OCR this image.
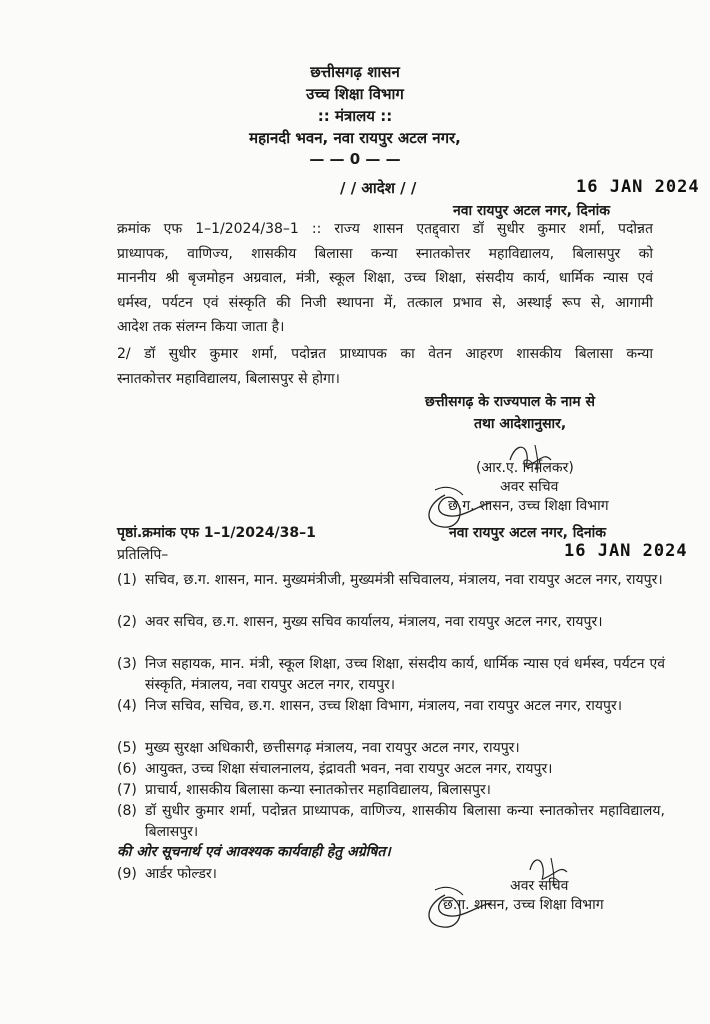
छत्तीसगढ़ शासन
उच्च शिक्षा विभाग
:: मंत्रालय ::
महानदी भवन, नवा रायपुर अटल नगर,
— — 0 — —
/ / आदेश / /	16 JAN 2024
नवा रायपुर अटल नगर, दिनांक
क्रमांक एफ 1–1/2024/38–1 :: राज्य शासन एतद्द्वारा डॉ सुधीर कुमार शर्मा, पदोन्नत
प्राध्यापक, वाणिज्य, शासकीय बिलासा कन्या स्नातकोत्तर महाविद्यालय, बिलासपुर को
माननीय श्री बृजमोहन अग्रवाल, मंत्री, स्कूल शिक्षा, उच्च शिक्षा, संसदीय कार्य, धार्मिक न्यास एवं
धर्मस्व, पर्यटन एवं संस्कृति की निजी स्थापना में, तत्काल प्रभाव से, अस्थाई रूप से, आगामी
आदेश तक संलग्न किया जाता है।
2/ डॉ सुधीर कुमार शर्मा, पदोन्नत प्राध्यापक का वेतन आहरण शासकीय बिलासा कन्या
स्नातकोत्तर महाविद्यालय, बिलासपुर से होगा।
छत्तीसगढ़ के राज्यपाल के नाम से
तथा आदेशानुसार,
(आर.ए. निर्मलकर)
अवर सचिव
छ.ग. शासन, उच्च शिक्षा विभाग
पृष्ठां.क्रमांक एफ 1–1/2024/38–1	नवा रायपुर अटल नगर, दिनांक
प्रतिलिपि–	16 JAN 2024
(1) सचिव, छ.ग. शासन, मान. मुख्यमंत्रीजी, मुख्यमंत्री सचिवालय, मंत्रालय, नवा रायपुर अटल नगर, रायपुर।
(2) अवर सचिव, छ.ग. शासन, मुख्य सचिव कार्यालय, मंत्रालय, नवा रायपुर अटल नगर, रायपुर।
(3) निज सहायक, मान. मंत्री, स्कूल शिक्षा, उच्च शिक्षा, संसदीय कार्य, धार्मिक न्यास एवं धर्मस्व, पर्यटन एवं संस्कृति, मंत्रालय, नवा रायपुर अटल नगर, रायपुर।
(4) निज सचिव, सचिव, छ.ग. शासन, उच्च शिक्षा विभाग, मंत्रालय, नवा रायपुर अटल नगर, रायपुर।
(5) मुख्य सुरक्षा अधिकारी, छत्तीसगढ़ मंत्रालय, नवा रायपुर अटल नगर, रायपुर।
(6) आयुक्त, उच्च शिक्षा संचालनालय, इंद्रावती भवन, नवा रायपुर अटल नगर, रायपुर।
(7) प्राचार्य, शासकीय बिलासा कन्या स्नातकोत्तर महाविद्यालय, बिलासपुर।
(8) डॉ सुधीर कुमार शर्मा, पदोन्नत प्राध्यापक, वाणिज्य, शासकीय बिलासा कन्या स्नातकोत्तर महाविद्यालय, बिलासपुर।
की ओर सूचनार्थ एवं आवश्यक कार्यवाही हेतु अग्रेषित।
(9) आर्डर फोल्डर।
अवर सचिव
छ.ग. शासन, उच्च शिक्षा विभाग
